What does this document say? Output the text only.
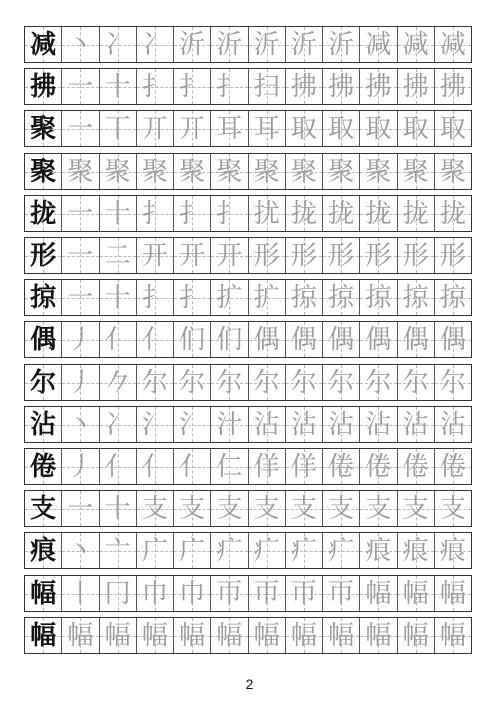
减 丶 冫 冫 沂 沂 沂 沂 沂 减 减 减
拂 一 十 扌 扌 扌 扫 拂 拂 拂 拂 拂
聚 一 丅 丌 丌 耳 耳 取 取 取 取 取
聚 聚 聚 聚 聚 聚 聚 聚 聚 聚 聚 聚
拢 一 十 扌 扌 扌 扰 拢 拢 拢 拢 拢
形 一 二 开 开 开 形 形 形 形 形 形
掠 一 十 扌 扌 扩 扩 掠 掠 掠 掠 掠
偶 丿 亻 亻 们 们 偶 偶 偶 偶 偶 偶
尔 丿 𠂊 尔 尔 尔 尔 尔 尔 尔 尔 尔
沾 丶 冫 氵 氵 汁 沾 沾 沾 沾 沾 沾
倦 丿 亻 亻 亻 仁 佯 佯 倦 倦 倦 倦
支 一 十 支 支 支 支 支 支 支 支 支
痕 丶 亠 广 广 疒 疒 疒 疒 痕 痕 痕
幅 丨 冂 巾 巾 帀 帀 帀 帀 幅 幅 幅
幅 幅 幅 幅 幅 幅 幅 幅 幅 幅 幅 幅
2
